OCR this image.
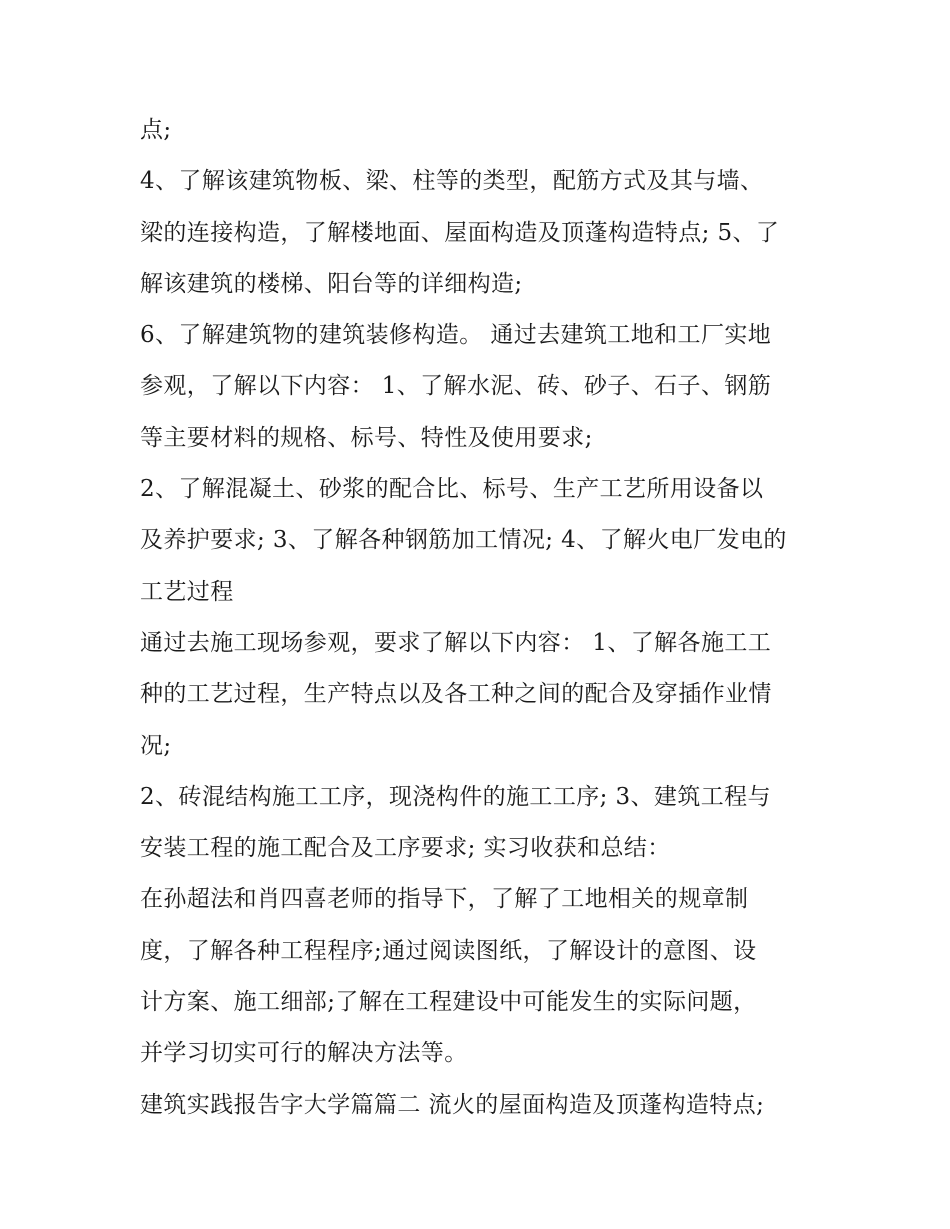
点;
4、了解该建筑物板、梁、柱等的类型，配筋方式及其与墙、
梁的连接构造，了解楼地面、屋面构造及顶蓬构造特点; 5、了
解该建筑的楼梯、阳台等的详细构造;
6、了解建筑物的建筑装修构造。 通过去建筑工地和工厂实地
参观，了解以下内容： 1、了解水泥、砖、砂子、石子、钢筋
等主要材料的规格、标号、特性及使用要求;
2、了解混凝土、砂浆的配合比、标号、生产工艺所用设备以
及养护要求; 3、了解各种钢筋加工情况; 4、了解火电厂发电的
工艺过程
通过去施工现场参观，要求了解以下内容： 1、了解各施工工
种的工艺过程，生产特点以及各工种之间的配合及穿插作业情
况;
2、砖混结构施工工序，现浇构件的施工工序; 3、建筑工程与
安装工程的施工配合及工序要求; 实习收获和总结：
在孙超法和肖四喜老师的指导下，了解了工地相关的规章制
度，了解各种工程程序;通过阅读图纸，了解设计的意图、设
计方案、施工细部;了解在工程建设中可能发生的实际问题，
并学习切实可行的解决方法等。
建筑实践报告字大学篇篇二 流火的屋面构造及顶蓬构造特点;
